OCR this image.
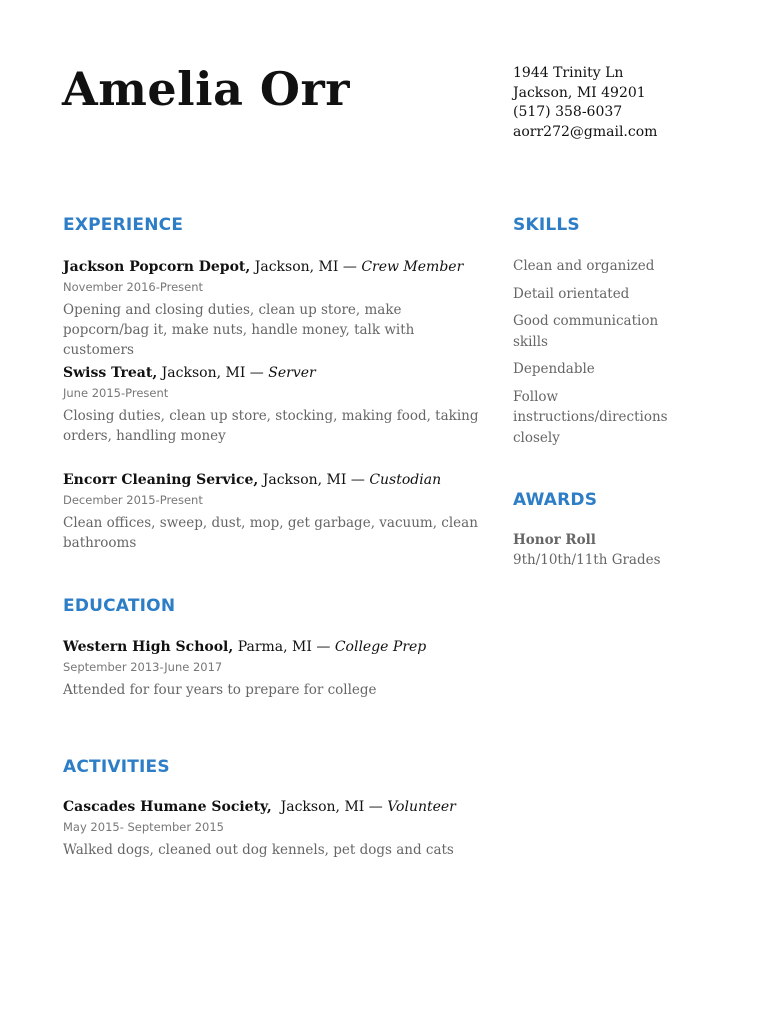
Amelia Orr	1944 Trinity Ln
Jackson, MI 49201
(517) 358-6037
aorr272@gmail.com
EXPERIENCE
Jackson Popcorn Depot, Jackson, MI — Crew Member
November 2016-Present
Opening and closing duties, clean up store, make popcorn/bag it, make nuts, handle money, talk with customers
Swiss Treat, Jackson, MI — Server
June 2015-Present
Closing duties, clean up store, stocking, making food, taking orders, handling money
Encorr Cleaning Service, Jackson, MI — Custodian
December 2015-Present
Clean offices, sweep, dust, mop, get garbage, vacuum, clean bathrooms
EDUCATION
Western High School, Parma, MI — College Prep
September 2013-June 2017
Attended for four years to prepare for college
ACTIVITIES
Cascades Humane Society,  Jackson, MI — Volunteer
May 2015- September 2015
Walked dogs, cleaned out dog kennels, pet dogs and cats
SKILLS
Clean and organized
Detail orientated
Good communication skills
Dependable
Follow instructions/directions closely
AWARDS
Honor Roll
9th/10th/11th Grades
